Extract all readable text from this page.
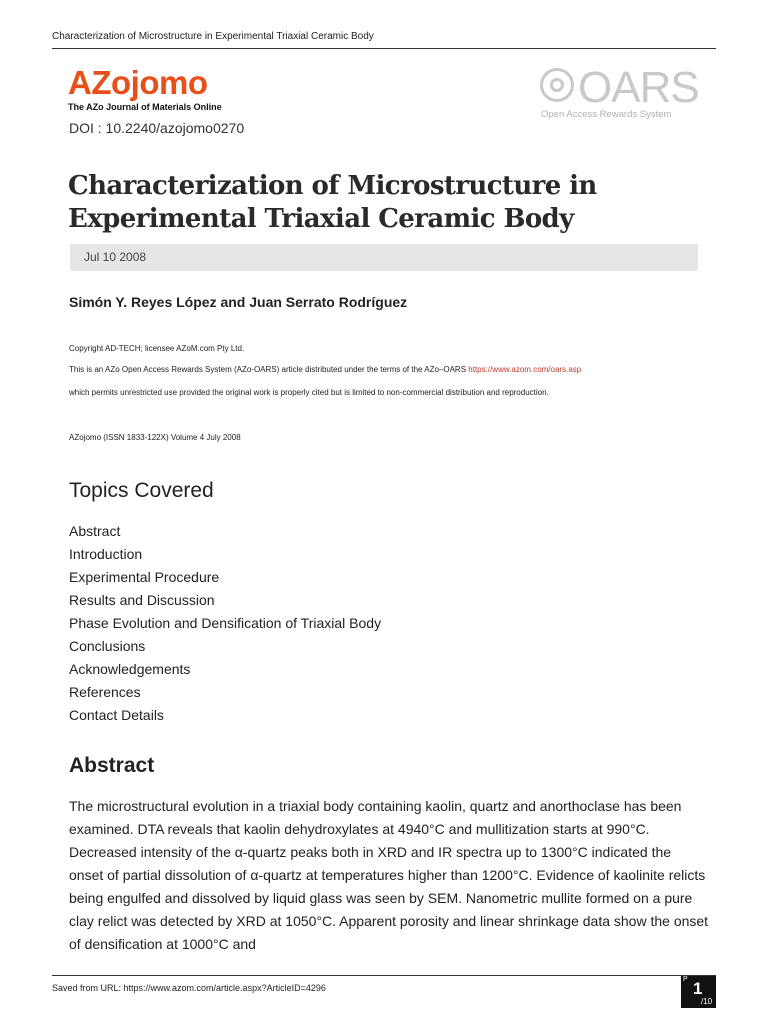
Characterization of Microstructure in Experimental Triaxial Ceramic Body
AZojomo
The AZo Journal of Materials Online	OARS
Open Access Rewards System
DOI : 10.2240/azojomo0270
Characterization of Microstructure in Experimental Triaxial Ceramic Body
Jul 10 2008
Simón Y. Reyes López and Juan Serrato Rodríguez
Copyright AD-TECH; licensee AZoM.com Pty Ltd.
This is an AZo Open Access Rewards System (AZo-OARS) article distributed under the terms of the AZo–OARS https://www.azom.com/oars.asp
which permits unrestricted use provided the original work is properly cited but is limited to non-commercial distribution and reproduction.
AZojomo (ISSN 1833-122X) Volume 4 July 2008
Topics Covered
Abstract
Introduction
Experimental Procedure
Results and Discussion
Phase Evolution and Densification of Triaxial Body
Conclusions
Acknowledgements
References
Contact Details
Abstract

The microstructural evolution in a triaxial body containing kaolin, quartz and anorthoclase has been examined. DTA reveals that kaolin dehydroxylates at 4940°C and mullitization starts at 990°C. Decreased intensity of the α-quartz peaks both in XRD and IR spectra up to 1300°C indicated the onset of partial dissolution of α-quartz at temperatures higher than 1200°C. Evidence of kaolinite relicts being engulfed and dissolved by liquid glass was seen by SEM. Nanometric mullite formed on a pure clay relict was detected by XRD at 1050°C. Apparent porosity and linear shrinkage data show the onset of densification at 1000°C and

Saved from URL: https://www.azom.com/article.aspx?ArticleID=4296
P 1
/10
